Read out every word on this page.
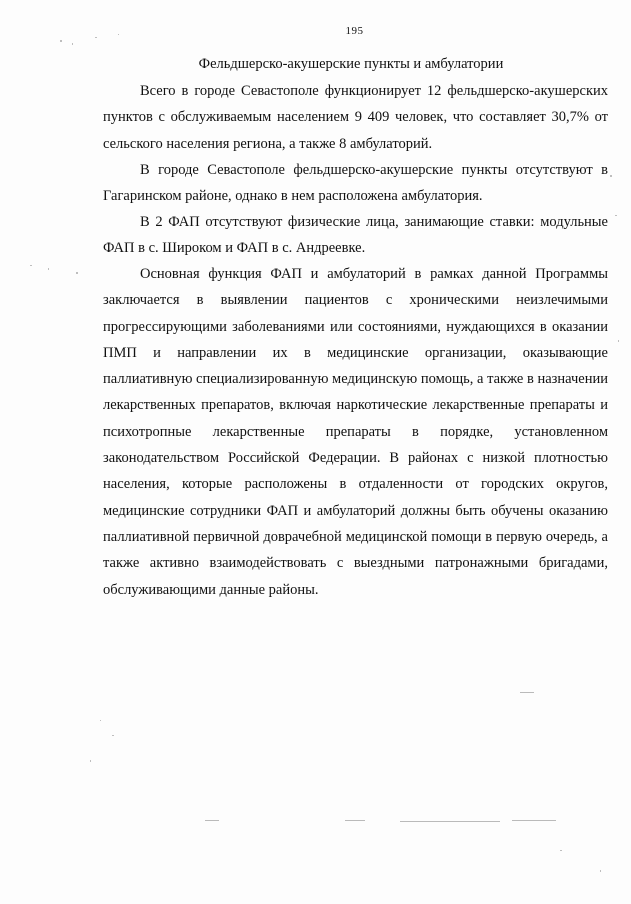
195
Фельдшерско-акушерские пункты и амбулатории

Всего в городе Севастополе функционирует 12 фельдшерско-акушерских пунктов с обслуживаемым населением 9 409 человек, что составляет 30,7% от сельского населения региона, а также 8 амбулаторий.

В городе Севастополе фельдшерско-акушерские пункты отсутствуют в Гагаринском районе, однако в нем расположена амбулатория.

В 2 ФАП отсутствуют физические лица, занимающие ставки: модульные ФАП в с. Широком и ФАП в с. Андреевке.

Основная функция ФАП и амбулаторий в рамках данной Программы заключается в выявлении пациентов с хроническими неизлечимыми прогрессирующими заболеваниями или состояниями, нуждающихся в оказании ПМП и направлении их в медицинские организации, оказывающие паллиативную специализированную медицинскую помощь, а также в назначении лекарственных препаратов, включая наркотические лекарственные препараты и психотропные лекарственные препараты в порядке, установленном законодательством Российской Федерации. В районах с низкой плотностью населения, которые расположены в отдаленности от городских округов, медицинские сотрудники ФАП и амбулаторий должны быть обучены оказанию паллиативной первичной доврачебной медицинской помощи в первую очередь, а также активно взаимодействовать с выездными патронажными бригадами, обслуживающими данные районы.
